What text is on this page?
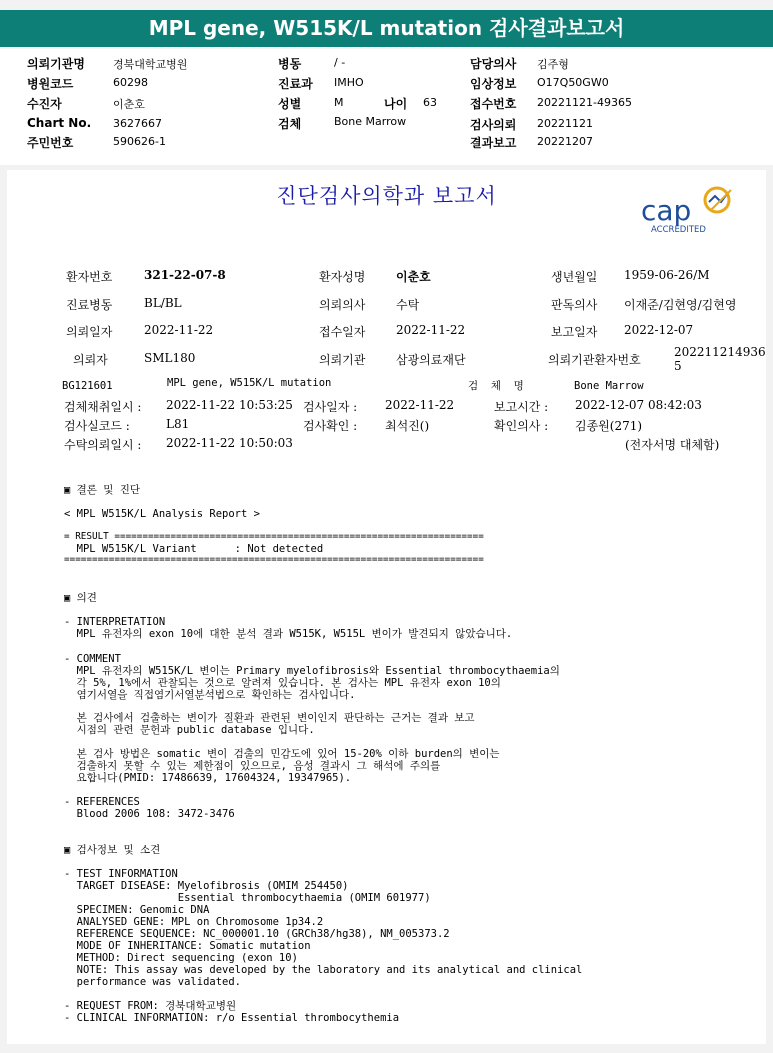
MPL gene, W515K/L mutation 검사결과보고서
의뢰기관명	경북대학교병원
병원코드	60298
수진자	이춘호
Chart No. 3627667
주민번호	590626-1
병동	/ -
진료과 IMHO
성별	M	나이 63
검체	Bone Marrow
담당의사 김주형
임상정보 O17Q50GW0
접수번호 20221121-49365
검사의뢰 20221121
결과보고 20221207
진단검사의학과 보고서	cap
ACCREDITED
환자번호	321-22-07-8	환자성명	이춘호	생년월일 1959-06-26/M
진료병동	BL/BL	의뢰의사	수탁	판독의사 이재준/김현영/김현영
의뢰일자	2022-11-22	접수일자	2022-11-22	보고일자 2022-12-07
의뢰자	SML180	의뢰기관	삼광의료재단	의뢰기관환자번호
202211214936
5
BG121601	MPL gene, W515K/L mutation	검  체  명	Bone Marrow
검체채취일시 : 2022-11-22 10:53:25 검사일자 : 2022-11-22	보고시간 : 2022-12-07 08:42:03
검사실코드 :	L81	검사확인 : 최석진()	확인의사 : 김종원(271)
수탁의뢰일시 : 2022-11-22 10:50:03	(전자서명 대체함)
▣ 결론 및 진단
< MPL W515K/L Analysis Report >
= RESULT ==================================================================
MPL W515K/L Variant      : Not detected
===========================================================================
▣ 의견
- INTERPRETATION
MPL 유전자의 exon 10에 대한 분석 결과 W515K, W515L 변이가 발견되지 않았습니다.
- COMMENT
MPL 유전자의 W515K/L 변이는 Primary myelofibrosis와 Essential thrombocythaemia의
각 5%, 1%에서 관찰되는 것으로 알려져 있습니다. 본 검사는 MPL 유전자 exon 10의
염기서열을 직접염기서열분석법으로 확인하는 검사입니다.
본 검사에서 검출하는 변이가 질환과 관련된 변이인지 판단하는 근거는 결과 보고
시점의 관련 문헌과 public database 입니다.
본 검사 방법은 somatic 변이 검출의 민감도에 있어 15-20% 이하 burden의 변이는
검출하지 못할 수 있는 제한점이 있으므로, 음성 결과시 그 해석에 주의를
요합니다(PMID: 17486639, 17604324, 19347965).
- REFERENCES
Blood 2006 108: 3472-3476
▣ 검사정보 및 소견
- TEST INFORMATION
TARGET DISEASE: Myelofibrosis (OMIM 254450)
Essential thrombocythaemia (OMIM 601977)
SPECIMEN: Genomic DNA
ANALYSED GENE: MPL on Chromosome 1p34.2
REFERENCE SEQUENCE: NC_000001.10 (GRCh38/hg38), NM_005373.2
MODE OF INHERITANCE: Somatic mutation
METHOD: Direct sequencing (exon 10)
NOTE: This assay was developed by the laboratory and its analytical and clinical
performance was validated.
- REQUEST FROM: 경북대학교병원
- CLINICAL INFORMATION: r/o Essential thrombocythemia
